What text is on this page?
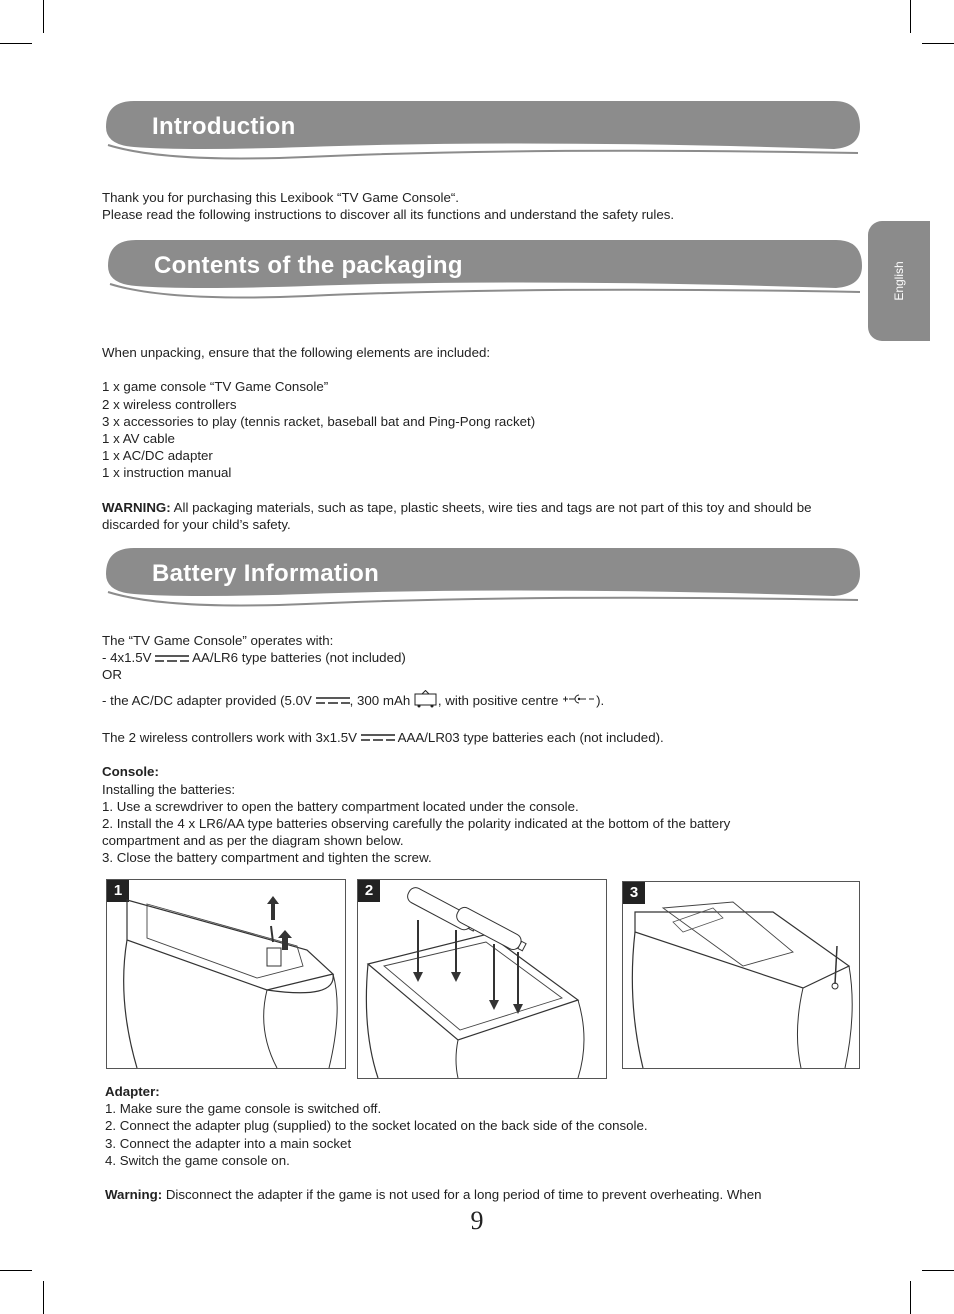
English
Introduction

Thank you for purchasing this Lexibook “TV Game Console“.

Please read the following instructions to discover all its functions and understand the safety rules.

Contents of the packaging

When unpacking, ensure that the following elements are included:

1 x game console “TV Game Console”

2 x wireless controllers

3 x accessories to play (tennis racket, baseball bat and Ping-Pong racket)

1 x AV cable

1 x AC/DC adapter

1 x instruction manual

WARNING: All packaging materials, such as tape, plastic sheets, wire ties and tags are not part of this toy and should be discarded for your child’s safety.

Battery Information

The “TV Game Console” operates with:

- 4x1.5V	AA/LR6 type batteries (not included)

OR

- the AC/DC adapter provided (5.0V	, 300 mAh , with positive centre	).

The 2 wireless controllers work with 3x1.5V	AAA/LR03 type batteries each (not included).

Console:

Installing the batteries:

1. Use a screwdriver to open the battery compartment located under the console.

2. Install the 4 x LR6/AA type batteries observing carefully the polarity indicated at the bottom of the battery compartment and as per the diagram shown below.

3. Close the battery compartment and tighten the screw.

1	2	3

Adapter:

1. Make sure the game console is switched off.

2. Connect the adapter plug (supplied) to the socket located on the back side of the console.

3. Connect the adapter into a main socket

4. Switch the game console on.

Warning: Disconnect the adapter if the game is not used for a long period of time to prevent overheating. When

9
